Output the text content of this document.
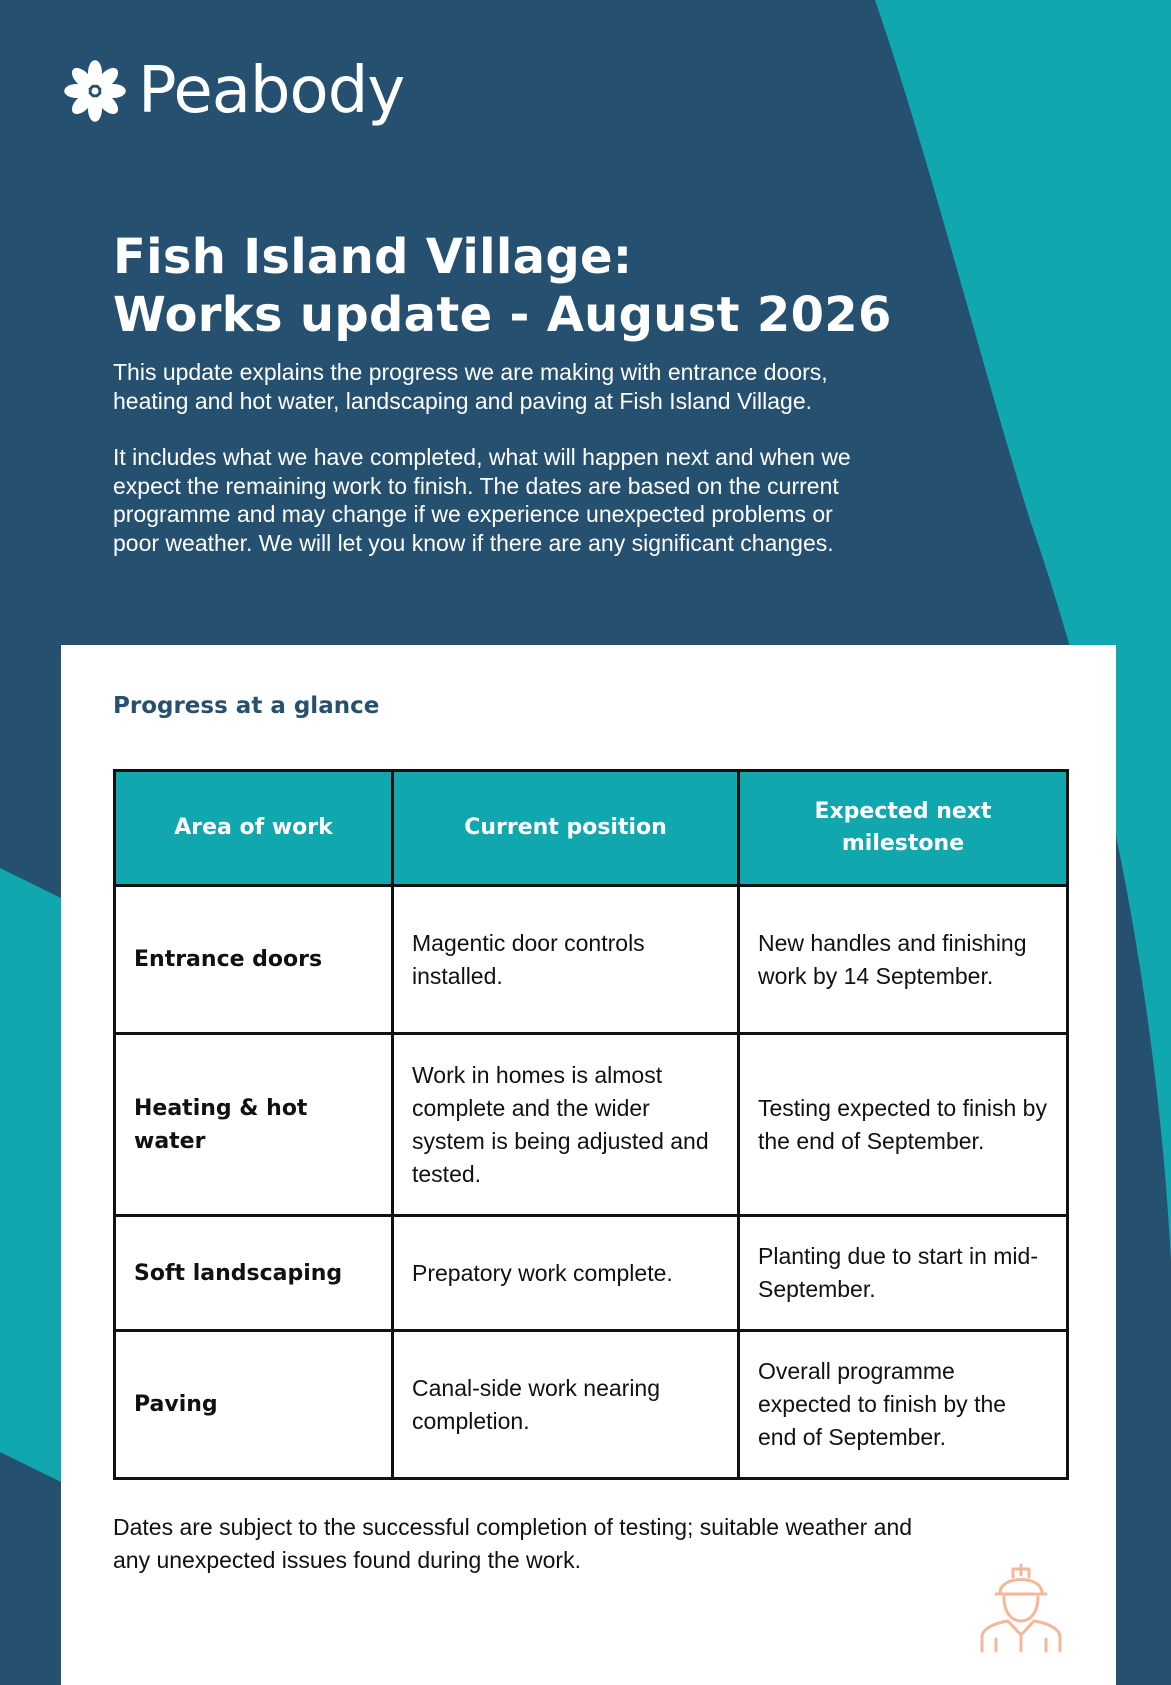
Peabody
Fish Island Village:
Works update - August 2026

This update explains the progress we are making with entrance doors, heating and hot water, landscaping and paving at Fish Island Village.

It includes what we have completed, what will happen next and when we expect the remaining work to finish. The dates are based on the current programme and may change if we experience unexpected problems or poor weather. We will let you know if there are any significant changes.

Progress at a glance
Area of work	Current position	Expected next milestone
Entrance doors	Magentic door controls installed.	New handles and finishing work by 14 September.
Heating & hot water	Work in homes is almost complete and the wider system is being adjusted and tested.	Testing expected to finish by the end of September.
Soft landscaping	Prepatory work complete.	Planting due to start in mid-September.
Paving	Canal-side work nearing completion.	Overall programme expected to finish by the end of September.

Dates are subject to the successful completion of testing; suitable weather and any unexpected issues found during the work.
